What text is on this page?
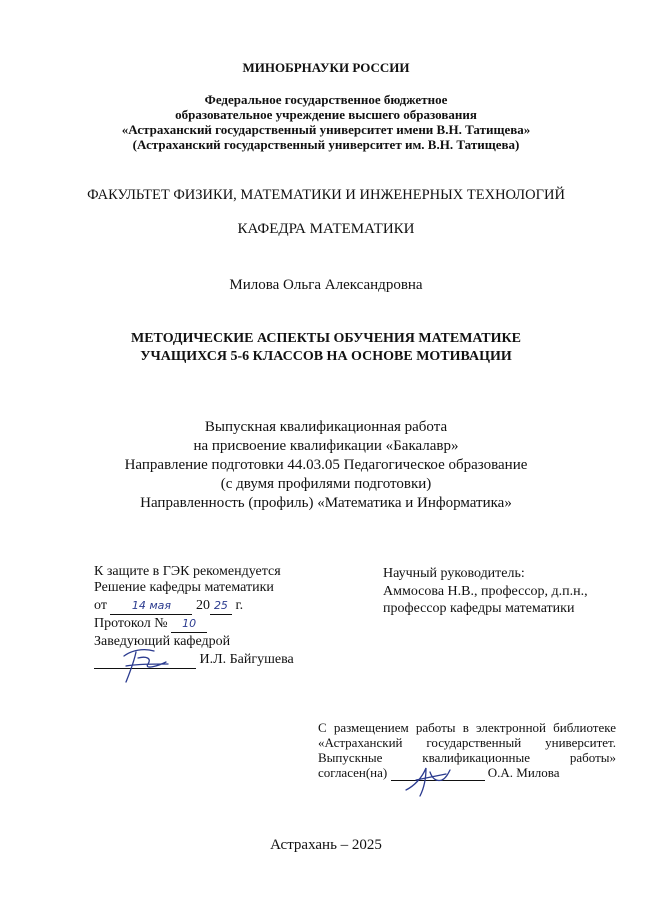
МИНОБРНАУКИ РОССИИ
Федеральное государственное бюджетное
образовательное учреждение высшего образования
«Астраханский государственный университет имени В.Н. Татищева»
(Астраханский государственный университет им. В.Н. Татищева)
ФАКУЛЬТЕТ ФИЗИКИ, МАТЕМАТИКИ И ИНЖЕНЕРНЫХ ТЕХНОЛОГИЙ
КАФЕДРА МАТЕМАТИКИ
Милова Ольга Александровна
МЕТОДИЧЕСКИЕ АСПЕКТЫ ОБУЧЕНИЯ МАТЕМАТИКЕ
УЧАЩИХСЯ 5-6 КЛАССОВ НА ОСНОВЕ МОТИВАЦИИ
Выпускная квалификационная работа
на присвоение квалификации «Бакалавр»
Направление подготовки 44.03.05 Педагогическое образование
(с двумя профилями подготовки)
Направленность (профиль) «Математика и Информатика»
К защите в ГЭК рекомендуется
Решение кафедры математики
от 14 мая 20 25 г.
Протокол № 10
Заведующий кафедрой
И.Л. Байгушева
Научный руководитель:
Аммосова Н.В., профессор, д.п.н.,
профессор кафедры математики
С размещением работы в электронной библиотеке
«Астраханский государственный университет.
Выпускные	квалификационные	работы»
согласен(на)	О.А. Милова
Астрахань – 2025
